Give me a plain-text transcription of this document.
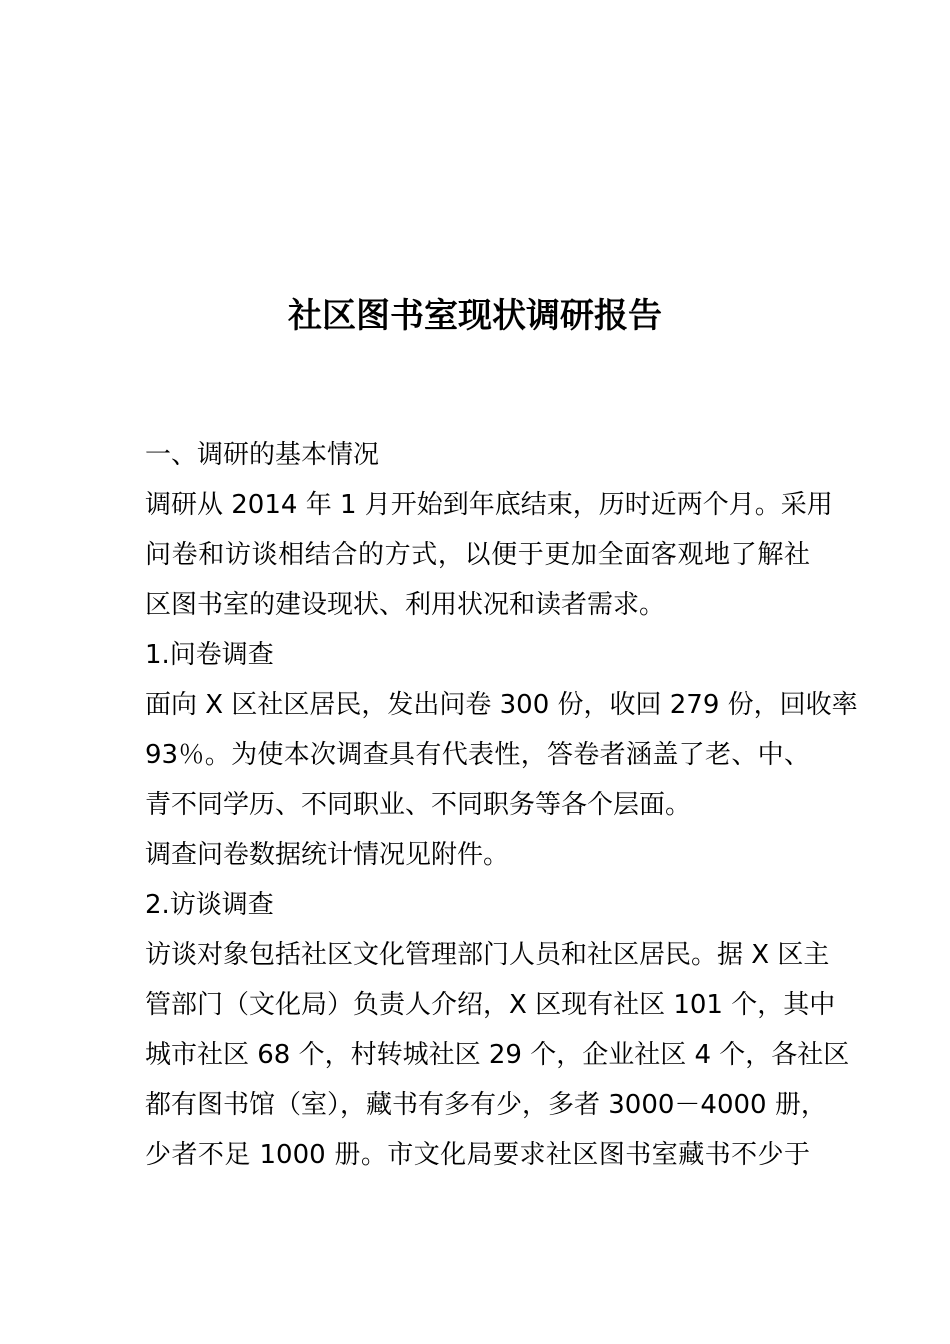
社区图书室现状调研报告
一、调研的基本情况
调研从 2014 年 1 月开始到年底结束，历时近两个月。采用
问卷和访谈相结合的方式，以便于更加全面客观地了解社
区图书室的建设现状、利用状况和读者需求。
1.问卷调查
面向 X 区社区居民，发出问卷 300 份，收回 279 份，回收率
93％。为使本次调查具有代表性，答卷者涵盖了老、中、
青不同学历、不同职业、不同职务等各个层面。
调查问卷数据统计情况见附件。
2.访谈调查
访谈对象包括社区文化管理部门人员和社区居民。据 X 区主
管部门（文化局）负责人介绍，X 区现有社区 101 个，其中
城市社区 68 个，村转城社区 29 个，企业社区 4 个，各社区
都有图书馆（室），藏书有多有少，多者 3000－4000 册，
少者不足 1000 册。市文化局要求社区图书室藏书不少于
